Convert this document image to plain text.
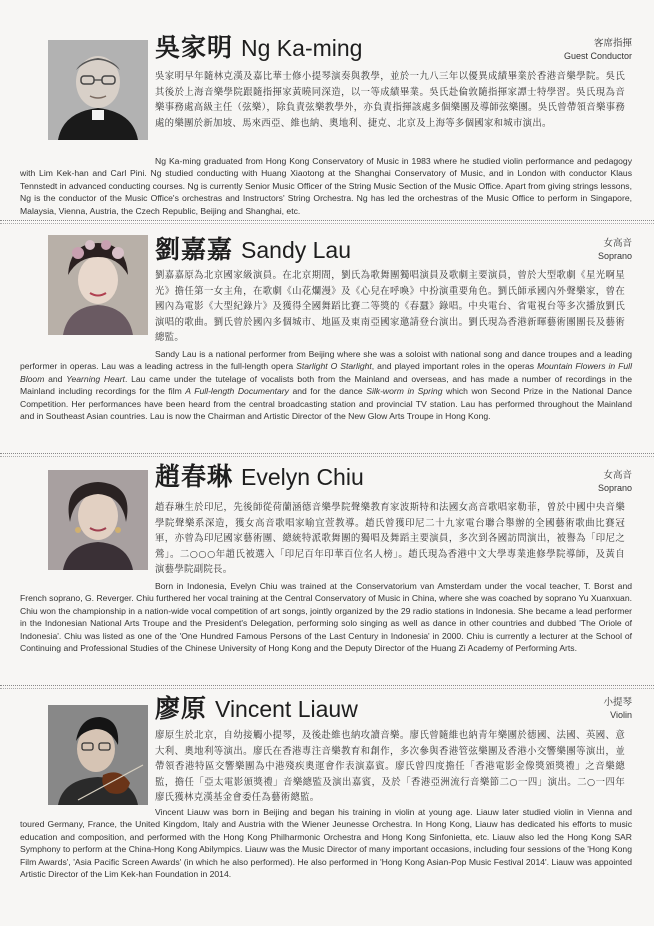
吳家明 Ng Ka-ming	客席指揮
Guest Conductor
吳家明早年隨林克漢及嘉比華士修小提琴演奏與教學，並於一九八三年以優異成績畢業於香港音樂學院。吳氏其後於上海音樂學院跟隨指揮家黃曉同深造，以一等成績畢業。吳氏赴倫敦隨指揮家譚士特學習。吳氏現為音樂事務處高級主任（弦樂），除負責弦樂教學外，亦負責指揮該處多個樂團及導師弦樂團。吳氏曾帶領音樂事務處的樂團於新加坡、馬來西亞、維也納、奧地利、捷克、北京及上海等多個國家和城市演出。

Ng Ka-ming graduated from Hong Kong Conservatory of Music in 1983 where he studied violin performance and pedagogy with Lim Kek-han and Carl Pini. Ng studied conducting with Huang Xiaotong at the Shanghai Conservatory of Music, and in London with conductor Klaus Tennstedt in advanced conducting courses. Ng is currently Senior Music Officer of the String Music Section of the Music Office. Apart from giving strings lessons, Ng is the conductor of the Music Office's orchestras and Instructors' String Orchestra. Ng has led the orchestras of the Music Office to perform in Singapore, Malaysia, Vienna, Austria, the Czech Republic, Beijing and Shanghai, etc.

劉嘉嘉 Sandy Lau	女高音
Soprano
劉嘉嘉原為北京國家級演員。在北京期間，劉氏為歌舞團獨唱演員及歌劇主要演員，曾於大型歌劇《星光啊星光》擔任第一女主角，在歌劇《山花爛漫》及《心兒在呼喚》中扮演重要角色。劉氏師承國內外聲樂家，曾在國內為電影《大型紀錄片》及獲得全國舞蹈比賽二等獎的《春蠶》錄唱。中央電台、省電視台等多次播放劉氏演唱的歌曲。劉氏曾於國內多個城市、地區及東南亞國家邀請登台演出。劉氏現為香港新暉藝術團團長及藝術總監。

Sandy Lau is a national performer from Beijing where she was a soloist with national song and dance troupes and a leading performer in operas. Lau was a leading actress in the full-length opera Starlight O Starlight, and played important roles in the operas Mountain Flowers in Full Bloom and Yearning Heart. Lau came under the tutelage of vocalists both from the Mainland and overseas, and has made a number of recordings in the Mainland including recordings for the film A Full-length Documentary and for the dance Silk-worm in Spring which won Second Prize in the National Dance Competition. Her performances have been heard from the central broadcasting station and provincial TV station. Lau has performed throughout the Mainland and in Southeast Asian countries. Lau is now the Chairman and Artistic Director of the New Glow Arts Troupe in Hong Kong.

趙春琳 Evelyn Chiu	女高音
Soprano
趙春琳生於印尼，先後師從荷蘭涵德音樂學院聲樂教育家波斯特和法國女高音歌唱家勒菲，曾於中國中央音樂學院聲樂系深造，獲女高音歌唱家喻宜萱教導。趙氏曾獲印尼二十九家電台聯合舉辦的全國藝術歌曲比賽冠軍，亦曾為印尼國家藝術團、總統特派歌舞團的獨唱及舞蹈主要演員，多次到各國訪問演出，被譽為「印尼之鶯」。二○○○年趙氏被選入「印尼百年印華百位名人榜」。趙氏現為香港中文大學專業進修學院導師，及黃自演藝學院副院長。

Born in Indonesia, Evelyn Chiu was trained at the Conservatorium van Amsterdam under the vocal teacher, T. Borst and French soprano, G. Reverger. Chiu furthered her vocal training at the Central Conservatory of Music in China, where she was coached by soprano Yu Xuanxuan. Chiu won the championship in a nation-wide vocal competition of art songs, jointly organized by the 29 radio stations in Indonesia. She became a lead performer in the Indonesian National Arts Troupe and the President's Delegation, performing solo singing as well as dance in other countries and dubbed 'The Oriole of Indonesia'. Chiu was listed as one of the 'One Hundred Famous Persons of the Last Century in Indonesia' in 2000. Chiu is currently a lecturer at the School of Continuing and Professional Studies of the Chinese University of Hong Kong and the Deputy Director of the Huang Zi Academy of Performing Arts.

廖原 Vincent Liauw	小提琴
Violin
廖原生於北京，自幼接觸小提琴，及後赴維也納攻讀音樂。廖氏曾隨維也納青年樂團於德國、法國、英國、意大利、奧地利等演出。廖氏在香港專注音樂教育和創作，多次參與香港管弦樂團及香港小交響樂團等演出，並帶領香港特區交響樂團為中港殘疾奧運會作表演嘉賓。廖氏曾四度擔任「香港電影金像獎頒獎禮」之音樂總監，擔任「亞太電影頒獎禮」音樂總監及演出嘉賓，及於「香港亞洲流行音樂節二○一四」演出。二○一四年廖氏獲林克漢基金會委任為藝術總監。

Vincent Liauw was born in Beijing and began his training in violin at young age. Liauw later studied violin in Vienna and toured Germany, France, the United Kingdom, Italy and Austria with the Wiener Jeunesse Orchestra. In Hong Kong, Liauw has dedicated his efforts to music education and composition, and performed with the Hong Kong Philharmonic Orchestra and Hong Kong Sinfonietta, etc. Liauw also led the Hong Kong SAR Symphony to perform at the China-Hong Kong Abilympics. Liauw was the Music Director of many important occasions, including four sessions of the 'Hong Kong Film Awards', 'Asia Pacific Screen Awards' (in which he also performed). He also performed in 'Hong Kong Asian-Pop Music Festival 2014'. Liauw was appointed Artistic Director of the Lim Kek-han Foundation in 2014.
